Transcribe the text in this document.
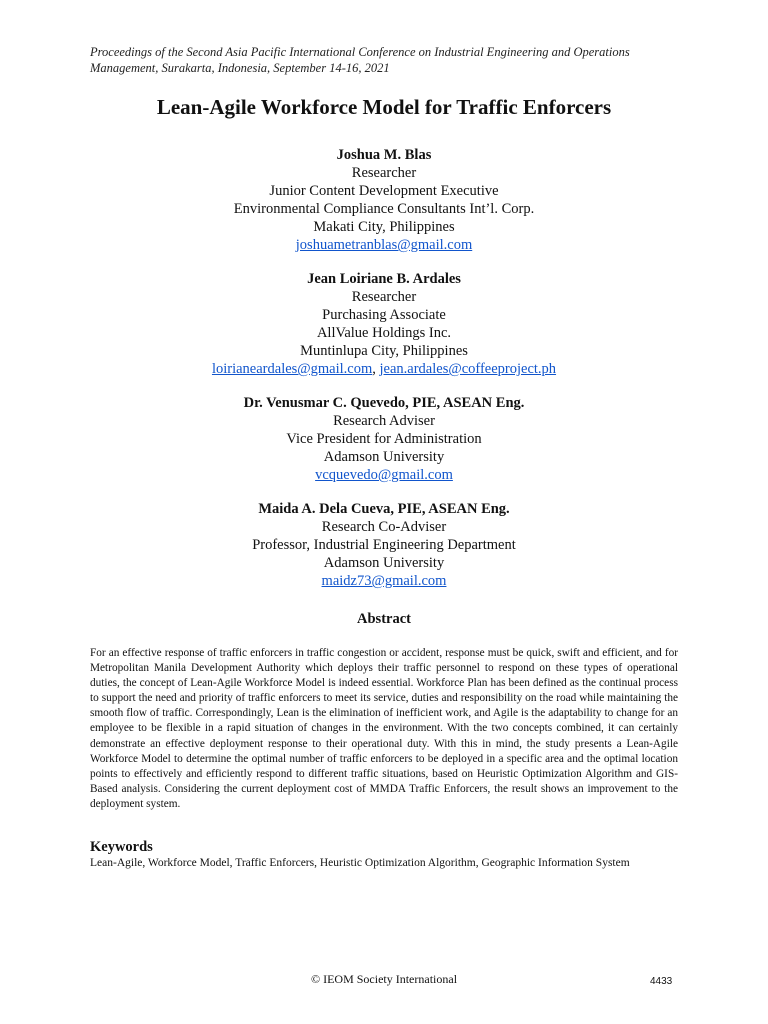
Proceedings of the Second Asia Pacific International Conference on Industrial Engineering and Operations
Management, Surakarta, Indonesia, September 14-16, 2021
Lean-Agile Workforce Model for Traffic Enforcers
Joshua M. Blas
Researcher
Junior Content Development Executive
Environmental Compliance Consultants Int’l. Corp.
Makati City, Philippines
joshuametranblas@gmail.com
Jean Loiriane B. Ardales
Researcher
Purchasing Associate
AllValue Holdings Inc.
Muntinlupa City, Philippines
loirianeardales@gmail.com, jean.ardales@coffeeproject.ph
Dr. Venusmar C. Quevedo, PIE, ASEAN Eng.
Research Adviser
Vice President for Administration
Adamson University
vcquevedo@gmail.com
Maida A. Dela Cueva, PIE, ASEAN Eng.
Research Co-Adviser
Professor, Industrial Engineering Department
Adamson University
maidz73@gmail.com
Abstract
For an effective response of traffic enforcers in traffic congestion or accident, response must be quick, swift and efficient, and for Metropolitan Manila Development Authority which deploys their traffic personnel to respond on these types of operational duties, the concept of Lean-Agile Workforce Model is indeed essential. Workforce Plan has been defined as the continual process to support the need and priority of traffic enforcers to meet its service, duties and responsibility on the road while maintaining the smooth flow of traffic. Correspondingly, Lean is the elimination of inefficient work, and Agile is the adaptability to change for an employee to be flexible in a rapid situation of changes in the environment. With the two concepts combined, it can certainly demonstrate an effective deployment response to their operational duty. With this in mind, the study presents a Lean-Agile Workforce Model to determine the optimal number of traffic enforcers to be deployed in a specific area and the optimal location points to effectively and efficiently respond to different traffic situations, based on Heuristic Optimization Algorithm and GIS- Based analysis. Considering the current deployment cost of MMDA Traffic Enforcers, the result shows an improvement to the deployment system.
Keywords
Lean-Agile, Workforce Model, Traffic Enforcers, Heuristic Optimization Algorithm, Geographic Information System
© IEOM Society International	4433
